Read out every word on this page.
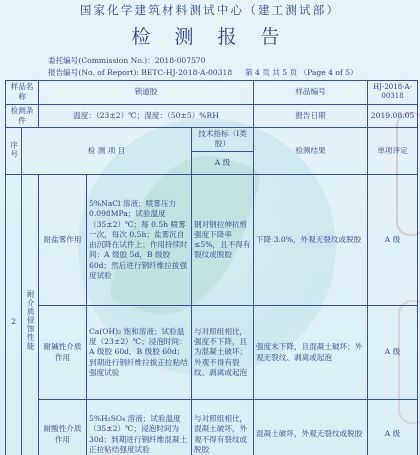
国家化学建筑材料测试中心（建工测试部）
检 测 报 告
委托编号(Commission No.)：2018-007570
报告编号(No. of Report): BETC-HJ-2018-A-00318 第 4 页 共 5 页 （Page 4 of 5）
样品名称		锁道胶			样品编号	HJ-2018-A-00318
检测条件		温度：（23±2）℃；湿度：（50±5）%RH			报告日期	2019.08.05
序号	检 测 项 目			技术指标（Ⅰ类胶）	检测结果	单项评定
				A 级	
2	耐介质侵蚀性能	耐盐雾作用	5%NaCl 溶液；喷雾压力 0.098MPa；试验温度（35±2）℃；每 0.5h 喷雾一次，每次 0.5h；盐雾沉自由沉降在试件上；作用持续时间：A 级胶 5d，B 级胶 60d；然后进行钢纤维拉拔强度试验	钢对钢拉伸抗剪强度下降率≤5%，且不得有裂纹或脱胶	下降 3.0%，外观无裂纹或脱胶	A 级
		耐碱性介质作用	Ca(OH)₂ 饱和溶液；试验温度（23±2）℃；浸泡时间：A 级胶 60d，B 级胶 60d；到期进行钢纤维拉拔正拉粘结强度试验	与对照组相比，强度不下降，且为混凝土破坏；外观不得有裂纹、剥离或起泡	强度未下降，且混凝土破坏；外观无裂纹、剥离或起泡	A 级
		耐酸性介质作用	5%H₂SO₄ 溶液；试验温度（35±2）℃；浸泡时间为 30d；到期进行钢纤维混凝土正拉粘结强度试验	与对照组相比，混凝土破坏，外观不得有裂纹或脱胶	混凝土破坏，外观无裂纹或脱胶	A 级
